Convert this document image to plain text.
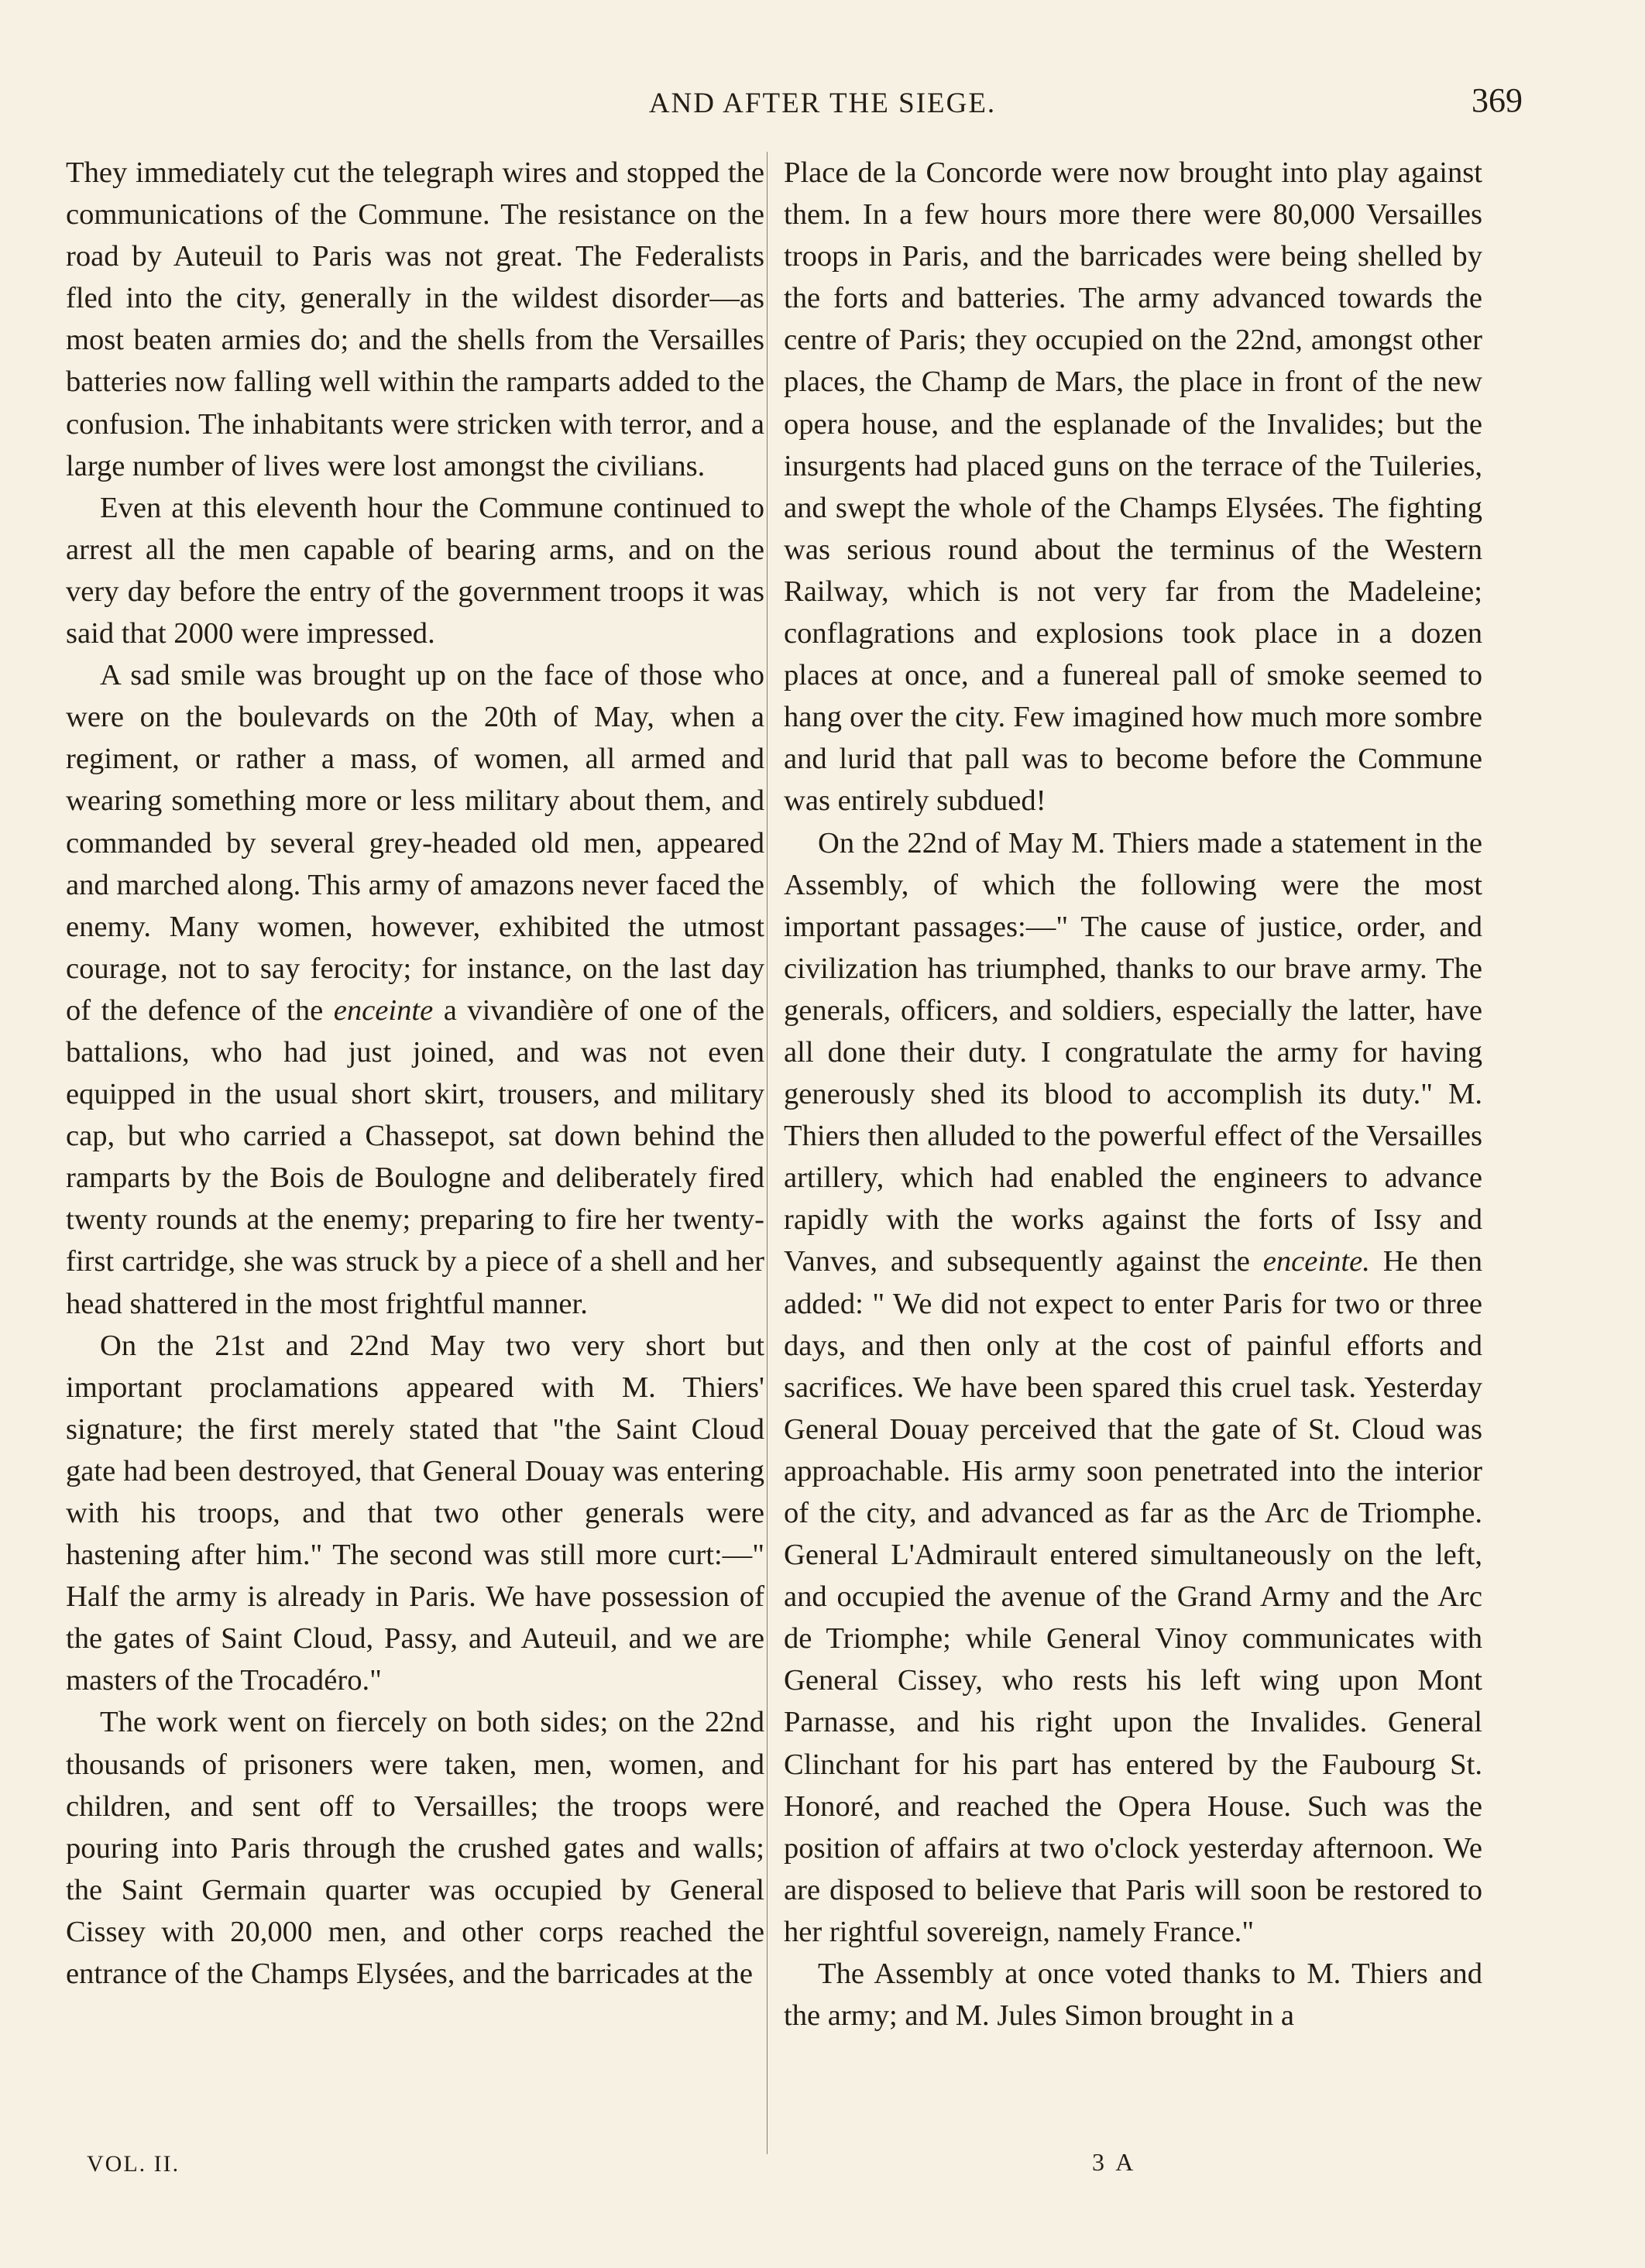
AND AFTER THE SIEGE.	369

They immediately cut the telegraph wires and stopped the communications of the Commune. The resistance on the road by Auteuil to Paris was not great. The Federalists fled into the city, generally in the wildest disorder—as most beaten armies do; and the shells from the Versailles batteries now falling well within the ramparts added to the confusion. The inhabitants were stricken with terror, and a large number of lives were lost amongst the civilians.

Even at this eleventh hour the Commune continued to arrest all the men capable of bearing arms, and on the very day before the entry of the government troops it was said that 2000 were impressed.

A sad smile was brought up on the face of those who were on the boulevards on the 20th of May, when a regiment, or rather a mass, of women, all armed and wearing something more or less military about them, and commanded by several grey-headed old men, appeared and marched along. This army of amazons never faced the enemy. Many women, however, exhibited the utmost courage, not to say ferocity; for instance, on the last day of the defence of the enceinte a vivandière of one of the battalions, who had just joined, and was not even equipped in the usual short skirt, trousers, and military cap, but who carried a Chassepot, sat down behind the ramparts by the Bois de Boulogne and deliberately fired twenty rounds at the enemy; preparing to fire her twenty-first cartridge, she was struck by a piece of a shell and her head shattered in the most frightful manner.

On the 21st and 22nd May two very short but important proclamations appeared with M. Thiers' signature; the first merely stated that "the Saint Cloud gate had been destroyed, that General Douay was entering with his troops, and that two other generals were hastening after him." The second was still more curt:—" Half the army is already in Paris. We have possession of the gates of Saint Cloud, Passy, and Auteuil, and we are masters of the Trocadéro."

The work went on fiercely on both sides; on the 22nd thousands of prisoners were taken, men, women, and children, and sent off to Versailles; the troops were pouring into Paris through the crushed gates and walls; the Saint Germain quarter was occupied by General Cissey with 20,000 men, and other corps reached the entrance of the Champs Elysées, and the barricades at the

Place de la Concorde were now brought into play against them. In a few hours more there were 80,000 Versailles troops in Paris, and the barricades were being shelled by the forts and batteries. The army advanced towards the centre of Paris; they occupied on the 22nd, amongst other places, the Champ de Mars, the place in front of the new opera house, and the esplanade of the Invalides; but the insurgents had placed guns on the terrace of the Tuileries, and swept the whole of the Champs Elysées. The fighting was serious round about the terminus of the Western Railway, which is not very far from the Madeleine; conflagrations and explosions took place in a dozen places at once, and a funereal pall of smoke seemed to hang over the city. Few imagined how much more sombre and lurid that pall was to become before the Commune was entirely subdued!

On the 22nd of May M. Thiers made a statement in the Assembly, of which the following were the most important passages:—" The cause of justice, order, and civilization has triumphed, thanks to our brave army. The generals, officers, and soldiers, especially the latter, have all done their duty. I congratulate the army for having generously shed its blood to accomplish its duty." M. Thiers then alluded to the powerful effect of the Versailles artillery, which had enabled the engineers to advance rapidly with the works against the forts of Issy and Vanves, and subsequently against the enceinte. He then added: " We did not expect to enter Paris for two or three days, and then only at the cost of painful efforts and sacrifices. We have been spared this cruel task. Yesterday General Douay perceived that the gate of St. Cloud was approachable. His army soon penetrated into the interior of the city, and advanced as far as the Arc de Triomphe. General L'Admirault entered simultaneously on the left, and occupied the avenue of the Grand Army and the Arc de Triomphe; while General Vinoy communicates with General Cissey, who rests his left wing upon Mont Parnasse, and his right upon the Invalides. General Clinchant for his part has entered by the Faubourg St. Honoré, and reached the Opera House. Such was the position of affairs at two o'clock yesterday afternoon. We are disposed to believe that Paris will soon be restored to her rightful sovereign, namely France."

The Assembly at once voted thanks to M. Thiers and the army; and M. Jules Simon brought in a

VOL. II.	3 A
